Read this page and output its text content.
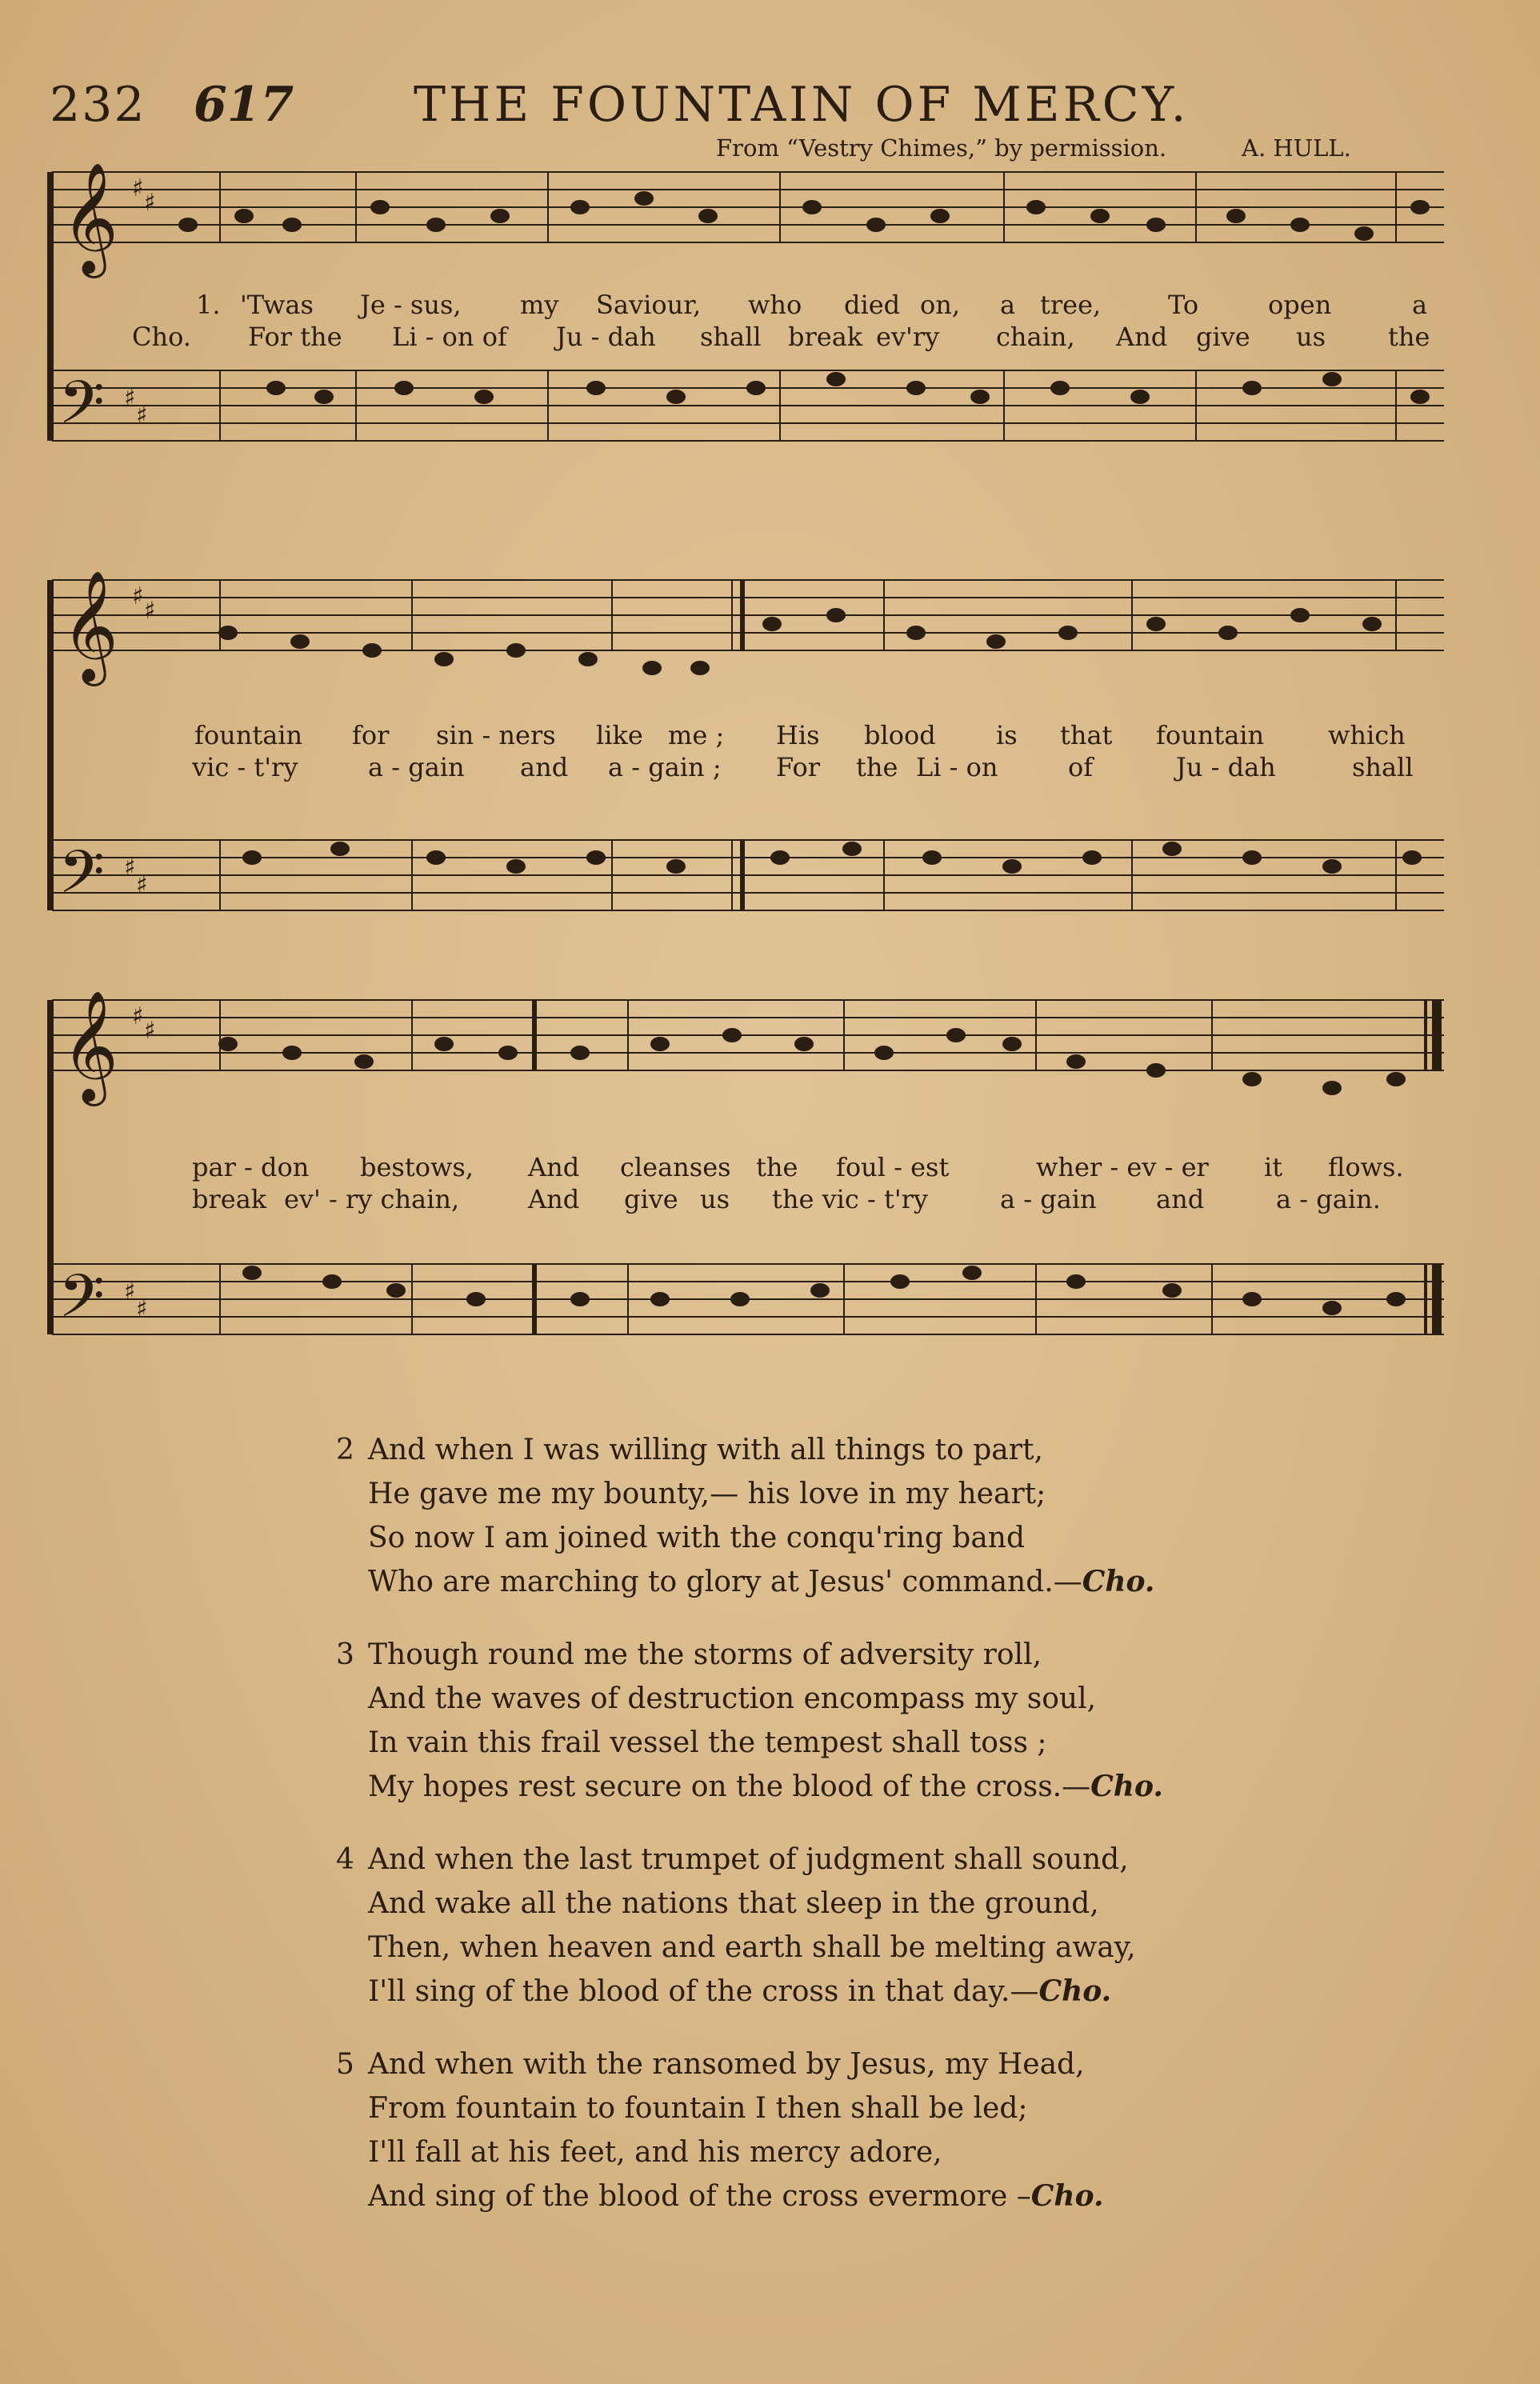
232 617 THE FOUNTAIN OF MERCY.
From “Vestry Chimes,” by permission.	A. HULL.
𝄞
𝄢
♯
♯
♯
♯

1.

'Twas

Je - sus,

my

Saviour,

who

died

on,

a

tree,

	To

	open

	a

Cho.

For the

Li - on of

Ju - dah

shall

break

ev'ry

chain,

And

give

us

the

𝄞
𝄢
♯
♯
♯
♯

fountain

for

sin - ners

like

me ;

His

blood

is

that

fountain

which

vic - t'ry

	a - gain

and

a - gain ;

For

the

Li - on

	of

	Ju - dah

	shall

𝄞
𝄢
♯
♯
♯
♯

par - don

bestows,

And

cleanses

the

foul - est

	wher - ev - er

it

flows.

break

ev' - ry chain,

	And

give

us

the vic - t'ry

	a - gain

and

	a - gain.

2 And when I was willing with all things to part,
He gave me my bounty,— his love in my heart;
So now I am joined with the conqu'ring band
Who are marching to glory at Jesus' command.—Cho.
3 Though round me the storms of adversity roll,
And the waves of destruction encompass my soul,
In vain this frail vessel the tempest shall toss ;
My hopes rest secure on the blood of the cross.—Cho.
4 And when the last trumpet of judgment shall sound,
And wake all the nations that sleep in the ground,
Then, when heaven and earth shall be melting away,
I'll sing of the blood of the cross in that day.—Cho.
5 And when with the ransomed by Jesus, my Head,
From fountain to fountain I then shall be led;
I'll fall at his feet, and his mercy adore,
And sing of the blood of the cross evermore –Cho.
